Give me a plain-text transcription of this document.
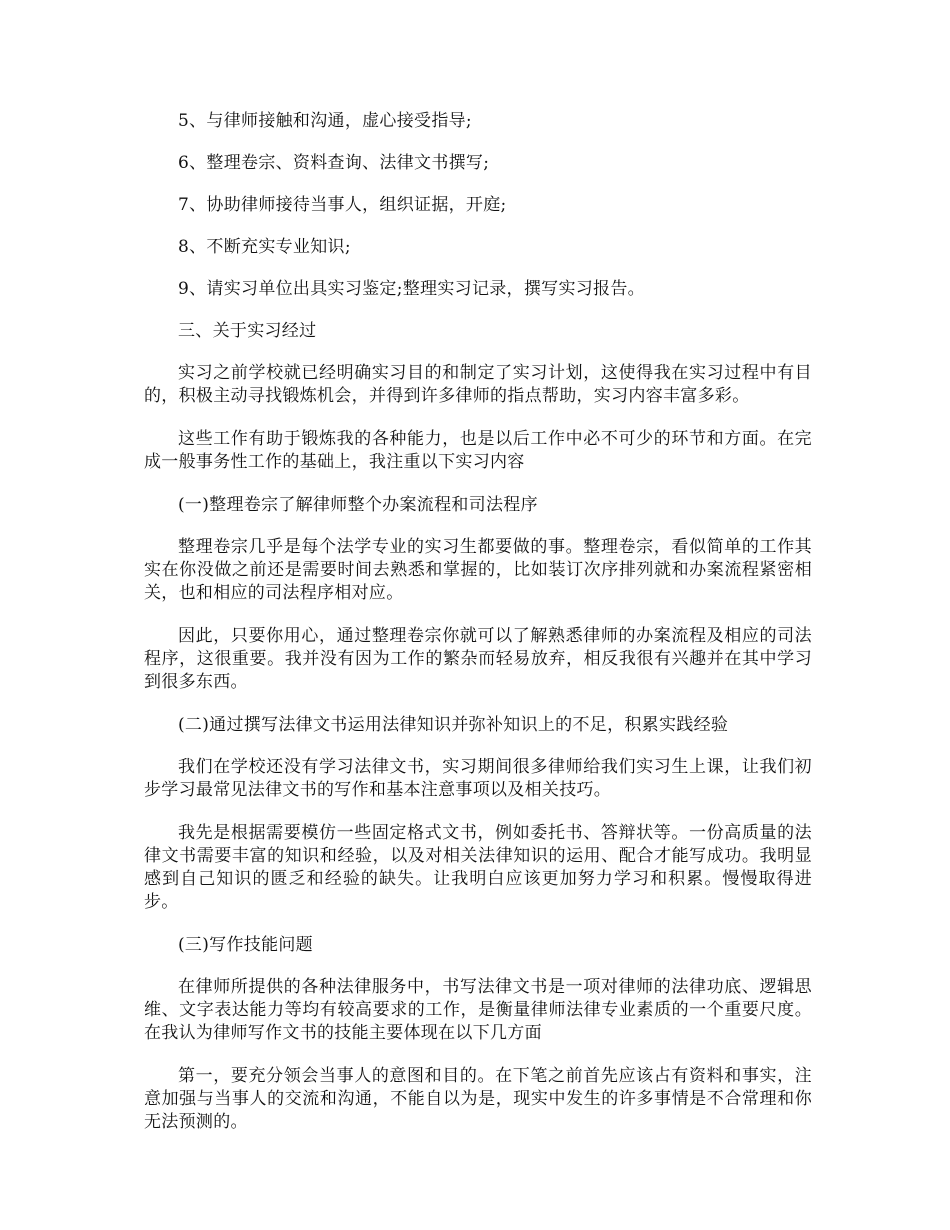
5、与律师接触和沟通，虚心接受指导;

6、整理卷宗、资料查询、法律文书撰写;

7、协助律师接待当事人，组织证据，开庭;

8、不断充实专业知识;

9、请实习单位出具实习鉴定;整理实习记录，撰写实习报告。

三、关于实习经过

实习之前学校就已经明确实习目的和制定了实习计划，这使得我在实习过程中有目的，积极主动寻找锻炼机会，并得到许多律师的指点帮助，实习内容丰富多彩。

这些工作有助于锻炼我的各种能力，也是以后工作中必不可少的环节和方面。在完成一般事务性工作的基础上，我注重以下实习内容

(一)整理卷宗了解律师整个办案流程和司法程序

整理卷宗几乎是每个法学专业的实习生都要做的事。整理卷宗，看似简单的工作其实在你没做之前还是需要时间去熟悉和掌握的，比如装订次序排列就和办案流程紧密相关，也和相应的司法程序相对应。

因此，只要你用心，通过整理卷宗你就可以了解熟悉律师的办案流程及相应的司法程序，这很重要。我并没有因为工作的繁杂而轻易放弃，相反我很有兴趣并在其中学习到很多东西。

(二)通过撰写法律文书运用法律知识并弥补知识上的不足，积累实践经验

我们在学校还没有学习法律文书，实习期间很多律师给我们实习生上课，让我们初步学习最常见法律文书的写作和基本注意事项以及相关技巧。

我先是根据需要模仿一些固定格式文书，例如委托书、答辩状等。一份高质量的法律文书需要丰富的知识和经验，以及对相关法律知识的运用、配合才能写成功。我明显感到自己知识的匮乏和经验的缺失。让我明白应该更加努力学习和积累。慢慢取得进步。

(三)写作技能问题

在律师所提供的各种法律服务中，书写法律文书是一项对律师的法律功底、逻辑思维、文字表达能力等均有较高要求的工作，是衡量律师法律专业素质的一个重要尺度。在我认为律师写作文书的技能主要体现在以下几方面

第一，要充分领会当事人的意图和目的。在下笔之前首先应该占有资料和事实，注意加强与当事人的交流和沟通，不能自以为是，现实中发生的许多事情是不合常理和你无法预测的。
